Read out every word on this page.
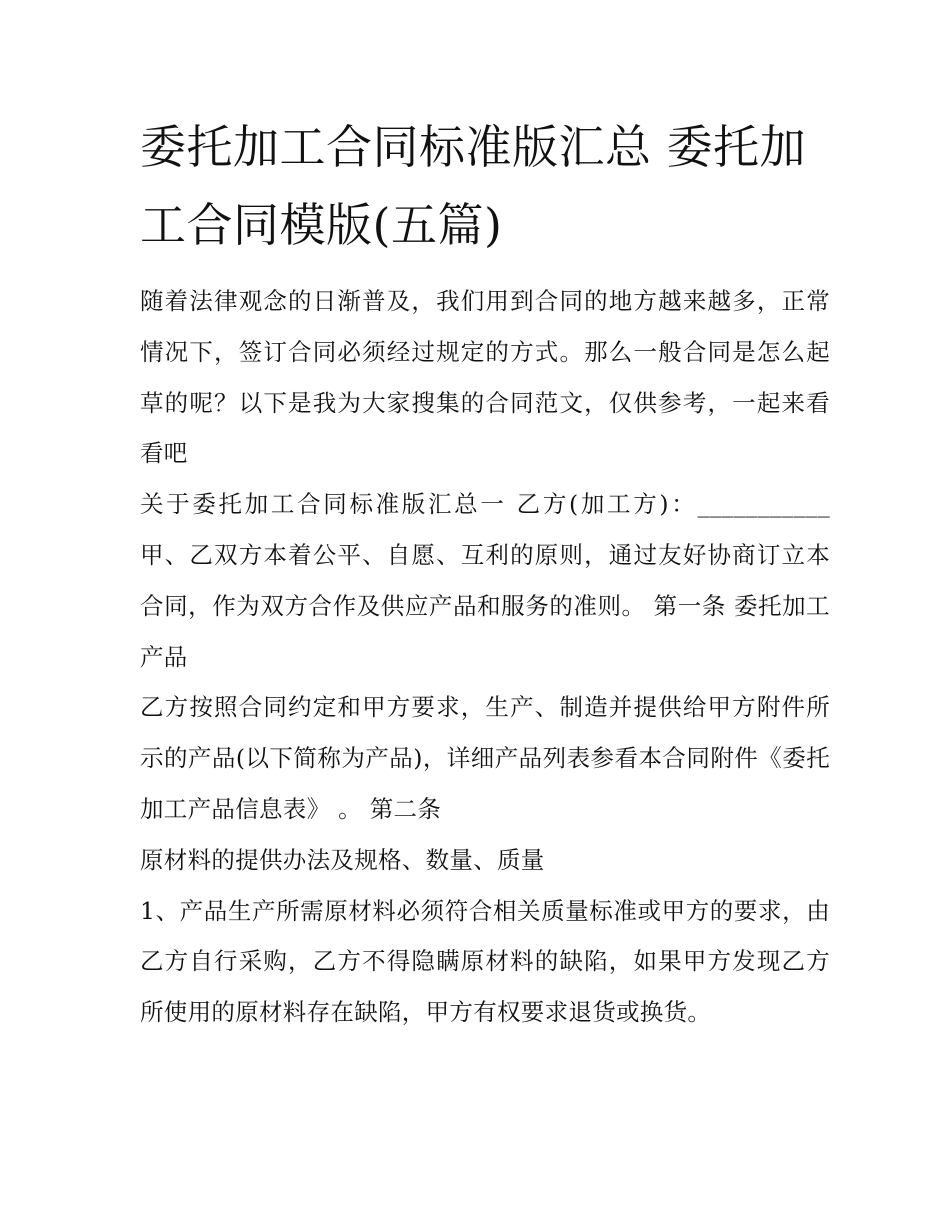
委托加工合同标准版汇总 委托加工合同模版(五篇)

随着法律观念的日渐普及，我们用到合同的地方越来越多，正常情况下，签订合同必须经过规定的方式。那么一般合同是怎么起草的呢？以下是我为大家搜集的合同范文，仅供参考，一起来看看吧

关于委托加工合同标准版汇总一 乙方(加工方)：___________ 甲、乙双方本着公平、自愿、互利的原则，通过友好协商订立本合同，作为双方合作及供应产品和服务的准则。 第一条 委托加工产品

乙方按照合同约定和甲方要求，生产、制造并提供给甲方附件所示的产品(以下简称为产品)，详细产品列表参看本合同附件《委托加工产品信息表》 。 第二条

原材料的提供办法及规格、数量、质量

1、产品生产所需原材料必须符合相关质量标准或甲方的要求，由乙方自行采购，乙方不得隐瞒原材料的缺陷，如果甲方发现乙方所使用的原材料存在缺陷，甲方有权要求退货或换货。
